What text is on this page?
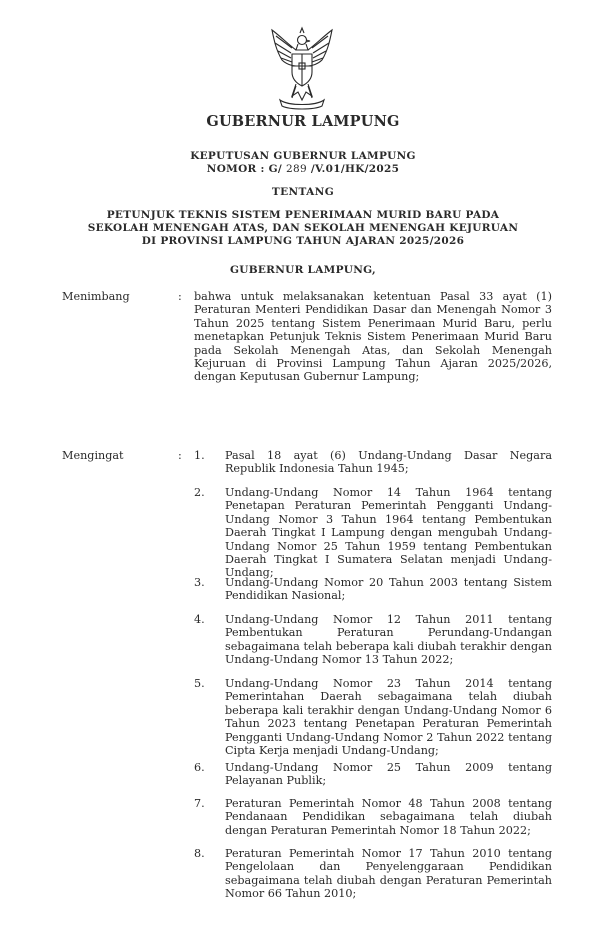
GUBERNUR LAMPUNG
KEPUTUSAN GUBERNUR LAMPUNG
NOMOR : G/ 289 /V.01/HK/2025
TENTANG
PETUNJUK TEKNIS SISTEM PENERIMAAN MURID BARU PADA
SEKOLAH MENENGAH ATAS, DAN SEKOLAH MENENGAH KEJURUAN
DI PROVINSI LAMPUNG TAHUN AJARAN 2025/2026
GUBERNUR LAMPUNG,
Menimbang	: bahwa untuk melaksanakan ketentuan Pasal 33 ayat (1) Peraturan Menteri Pendidikan Dasar dan Menengah Nomor 3 Tahun 2025 tentang Sistem Penerimaan Murid Baru, perlu menetapkan Petunjuk Teknis Sistem Penerimaan Murid Baru pada Sekolah Menengah Atas, dan Sekolah Menengah Kejuruan di Provinsi Lampung Tahun Ajaran 2025/2026, dengan Keputusan Gubernur Lampung;
Mengingat	: 1.	Pasal 18 ayat (6) Undang-Undang Dasar Negara Republik Indonesia Tahun 1945;
2.	Undang-Undang Nomor 14 Tahun 1964 tentang Penetapan Peraturan Pemerintah Pengganti Undang-Undang Nomor 3 Tahun 1964 tentang Pembentukan Daerah Tingkat I Lampung dengan mengubah Undang-Undang Nomor 25 Tahun 1959 tentang Pembentukan Daerah Tingkat I Sumatera Selatan menjadi Undang-Undang;
3.	Undang-Undang Nomor 20 Tahun 2003 tentang Sistem Pendidikan Nasional;
4.	Undang-Undang Nomor 12 Tahun 2011 tentang Pembentukan Peraturan Perundang-Undangan sebagaimana telah beberapa kali diubah terakhir dengan Undang-Undang Nomor 13 Tahun 2022;
5.	Undang-Undang Nomor 23 Tahun 2014 tentang Pemerintahan Daerah sebagaimana telah diubah beberapa kali terakhir dengan Undang-Undang Nomor 6 Tahun 2023 tentang Penetapan Peraturan Pemerintah Pengganti Undang-Undang Nomor 2 Tahun 2022 tentang Cipta Kerja menjadi Undang-Undang;
6.	Undang-Undang Nomor 25 Tahun 2009 tentang Pelayanan Publik;
7.	Peraturan Pemerintah Nomor 48 Tahun 2008 tentang Pendanaan Pendidikan sebagaimana telah diubah dengan Peraturan Pemerintah Nomor 18 Tahun 2022;
8.	Peraturan Pemerintah Nomor 17 Tahun 2010 tentang Pengelolaan dan Penyelenggaraan Pendidikan sebagaimana telah diubah dengan Peraturan Pemerintah Nomor 66 Tahun 2010;
